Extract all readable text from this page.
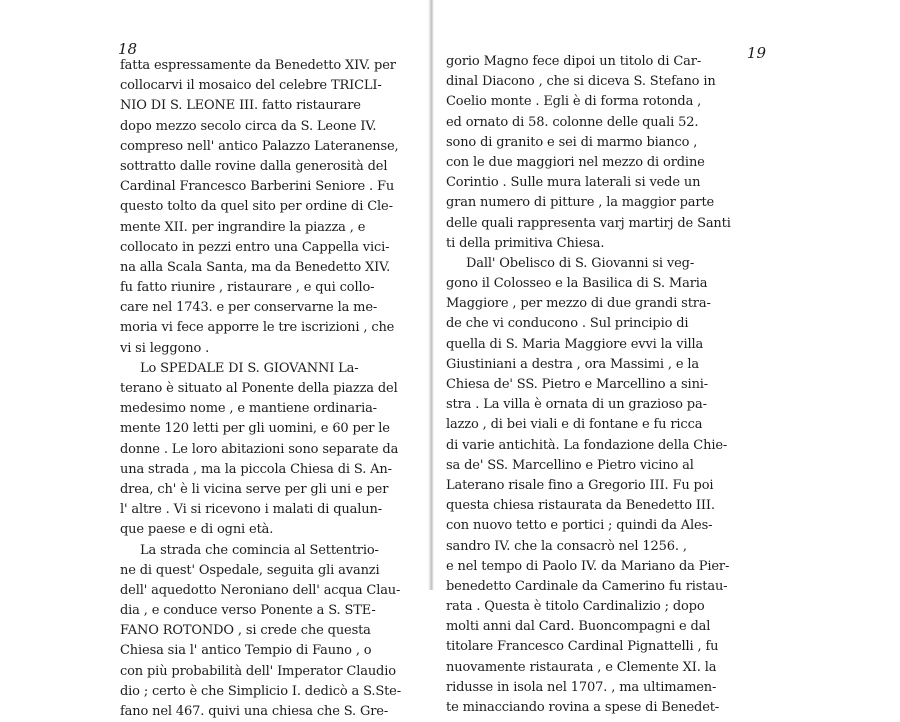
18
fatta espressamente da Benedetto XIV. per
collocarvi il mosaico del celebre TRICLI-
NIO DI S. LEONE III. fatto ristaurare
dopo mezzo secolo circa da S. Leone IV.
compreso nell' antico Palazzo Lateranense,
sottratto dalle rovine dalla generosità del
Cardinal Francesco Barberini Seniore . Fu
questo tolto da quel sito per ordine di Cle-
mente XII. per ingrandire la piazza , e
collocato in pezzi entro una Cappella vici-
na alla Scala Santa, ma da Benedetto XIV.
fu fatto riunire , ristaurare , e qui collo-
care nel 1743. e per conservarne la me-
moria vi fece apporre le tre iscrizioni , che
vi si leggono .
Lo SPEDALE DI S. GIOVANNI La-
terano è situato al Ponente della piazza del
medesimo nome , e mantiene ordinaria-
mente 120 letti per gli uomini, e 60 per le
donne . Le loro abitazioni sono separate da
una strada , ma la piccola Chiesa di S. An-
drea, ch' è li vicina serve per gli uni e per
l' altre . Vi si ricevono i malati di qualun-
que paese e di ogni età.
La strada che comincia al Settentrio-
ne di quest' Ospedale, seguita gli avanzi
dell' aquedotto Neroniano dell' acqua Clau-
dia , e conduce verso Ponente a S. STE-
FANO ROTONDO , si crede che questa
Chiesa sia l' antico Tempio di Fauno , o
con più probabilità dell' Imperator Claudio
dio ; certo è che Simplicio I. dedicò a S.Ste-
fano nel 467. quivi una chiesa che S. Gre-
19
gorio Magno fece dipoi un titolo di Car-
dinal Diacono , che si diceva S. Stefano in
Coelio monte . Egli è di forma rotonda ,
ed ornato di 58. colonne delle quali 52.
sono di granito e sei di marmo bianco ,
con le due maggiori nel mezzo di ordine
Corintio . Sulle mura laterali si vede un
gran numero di pitture , la maggior parte
delle quali rappresenta varj martirj de Santi
ti della primitiva Chiesa.
Dall' Obelisco di S. Giovanni si veg-
gono il Colosseo e la Basilica di S. Maria
Maggiore , per mezzo di due grandi stra-
de che vi conducono . Sul principio di
quella di S. Maria Maggiore evvi la villa
Giustiniani a destra , ora Massimi , e la
Chiesa de' SS. Pietro e Marcellino a sini-
stra . La villa è ornata di un grazioso pa-
lazzo , di bei viali e di fontane e fu ricca
di varie antichità. La fondazione della Chie-
sa de' SS. Marcellino e Pietro vicino al
Laterano risale fino a Gregorio III. Fu poi
questa chiesa ristaurata da Benedetto III.
con nuovo tetto e portici ; quindi da Ales-
sandro IV. che la consacrò nel 1256. ,
e nel tempo di Paolo IV. da Mariano da Pier-
benedetto Cardinale da Camerino fu ristau-
rata . Questa è titolo Cardinalizio ; dopo
molti anni dal Card. Buoncompagni e dal
titolare Francesco Cardinal Pignattelli , fu
nuovamente ristaurata , e Clemente XI. la
ridusse in isola nel 1707. , ma ultimamen-
te minacciando rovina a spese di Benedet-
